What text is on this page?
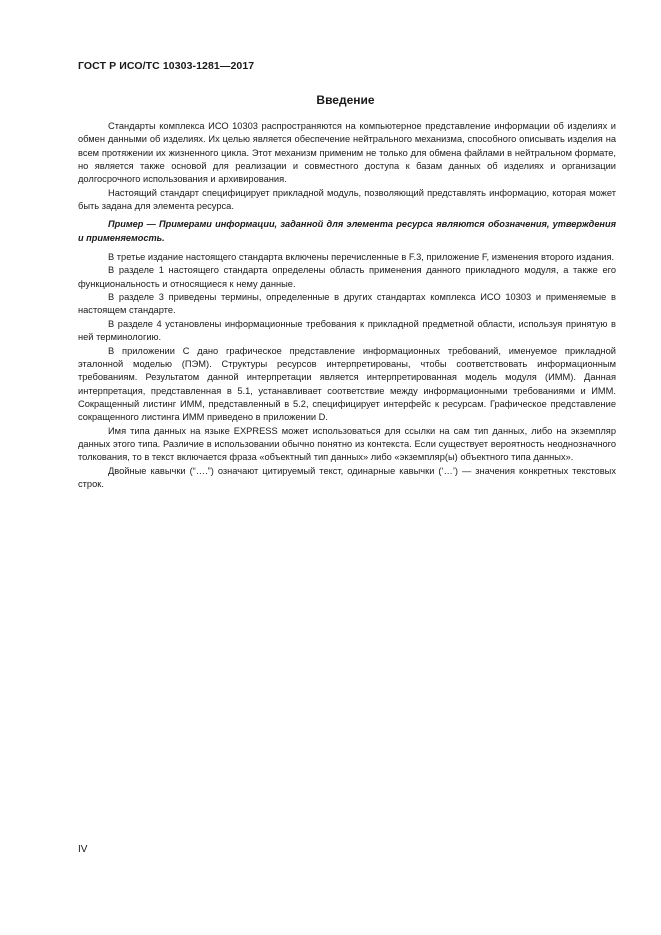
ГОСТ Р ИСО/ТС 10303-1281—2017
Введение

Стандарты комплекса ИСО 10303 распространяются на компьютерное представление информации об изделиях и обмен данными об изделиях. Их целью является обеспечение нейтрального механизма, способного описывать изделия на всем протяжении их жизненного цикла. Этот механизм применим не только для обмена файлами в нейтральном формате, но является также основой для реализации и совместного доступа к базам данных об изделиях и организации долгосрочного использования и архивирования.

Настоящий стандарт специфицирует прикладной модуль, позволяющий представлять информацию, которая может быть задана для элемента ресурса.

Пример — Примерами информации, заданной для элемента ресурса являются обозначения, утверждения и применяемость.

В третье издание настоящего стандарта включены перечисленные в F.3, приложение F, изменения второго издания.

В разделе 1 настоящего стандарта определены область применения данного прикладного модуля, а также его функциональность и относящиеся к нему данные.

В разделе 3 приведены термины, определенные в других стандартах комплекса ИСО 10303 и применяемые в настоящем стандарте.

В разделе 4 установлены информационные требования к прикладной предметной области, используя принятую в ней терминологию.

В приложении С дано графическое представление информационных требований, именуемое прикладной эталонной моделью (ПЭМ). Структуры ресурсов интерпретированы, чтобы соответствовать информационным требованиям. Результатом данной интерпретации является интерпретированная модель модуля (ИММ). Данная интерпретация, представленная в 5.1, устанавливает соответствие между информационными требованиями и ИММ. Сокращенный листинг ИММ, представленный в 5.2, специфицирует интерфейс к ресурсам. Графическое представление сокращенного листинга ИММ приведено в приложении D.

Имя типа данных на языке EXPRESS может использоваться для ссылки на сам тип данных, либо на экземпляр данных этого типа. Различие в использовании обычно понятно из контекста. Если существует вероятность неоднозначного толкования, то в текст включается фраза «объектный тип данных» либо «экземпляр(ы) объектного типа данных».

Двойные кавычки (“….”) означают цитируемый текст, одинарные кавычки (‘…’) — значения конкретных текстовых строк.

IV
